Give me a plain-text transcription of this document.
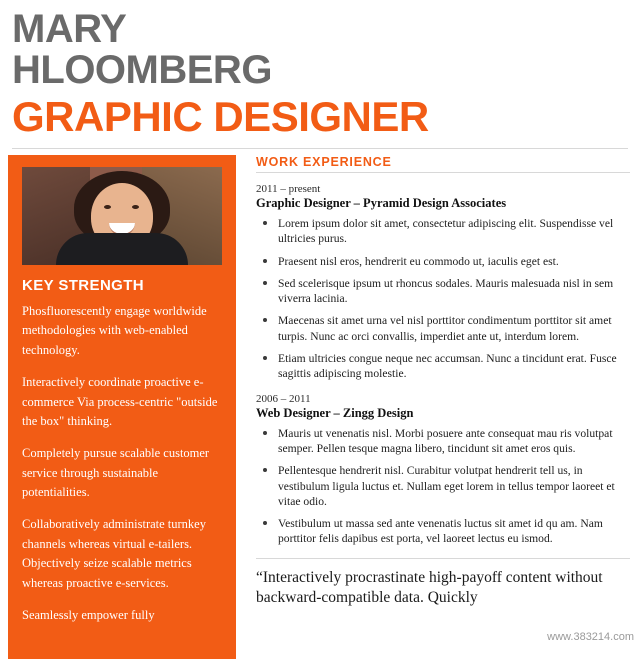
MARY
HLOOMBERG
GRAPHIC DESIGNER
KEY STRENGTH
Phosfluorescently engage worldwide methodologies with web-enabled technology.
Interactively coordinate proactive e-commerce Via process-centric "outside the box" thinking.
Completely pursue scalable customer service through sustainable potentialities.
Collaboratively administrate turnkey channels whereas virtual e-tailers. Objectively seize scalable metrics whereas proactive e-services.
Seamlessly empower fully
WORK EXPERIENCE
2011 – present
Graphic Designer – Pyramid Design Associates
Lorem ipsum dolor sit amet, consectetur adipiscing elit. Suspendisse vel ultricies purus.
Praesent nisl eros, hendrerit eu commodo ut, iaculis eget est.
Sed scelerisque ipsum ut rhoncus sodales. Mauris malesuada nisl in sem viverra lacinia.
Maecenas sit amet urna vel nisl porttitor condimentum porttitor sit amet turpis. Nunc ac orci convallis, imperdiet ante ut, interdum lorem.
Etiam ultricies congue neque nec accumsan. Nunc a tincidunt erat. Fusce sagittis adipiscing molestie.
2006 – 2011
Web Designer – Zingg Design
Mauris ut venenatis nisl. Morbi posuere ante consequat mau ris volutpat semper. Pellen tesque magna libero, tincidunt sit amet eros quis.
Pellentesque hendrerit nisl. Curabitur volutpat hendrerit tell us, in vestibulum ligula luctus et. Nullam eget lorem in tellus tempor laoreet et vitae odio.
Vestibulum ut massa sed ante venenatis luctus sit amet id qu am. Nam porttitor felis dapibus est porta, vel laoreet lectus eu ismod.
“Interactively procrastinate high-payoff content without backward-compatible data. Quickly
www.383214.com
